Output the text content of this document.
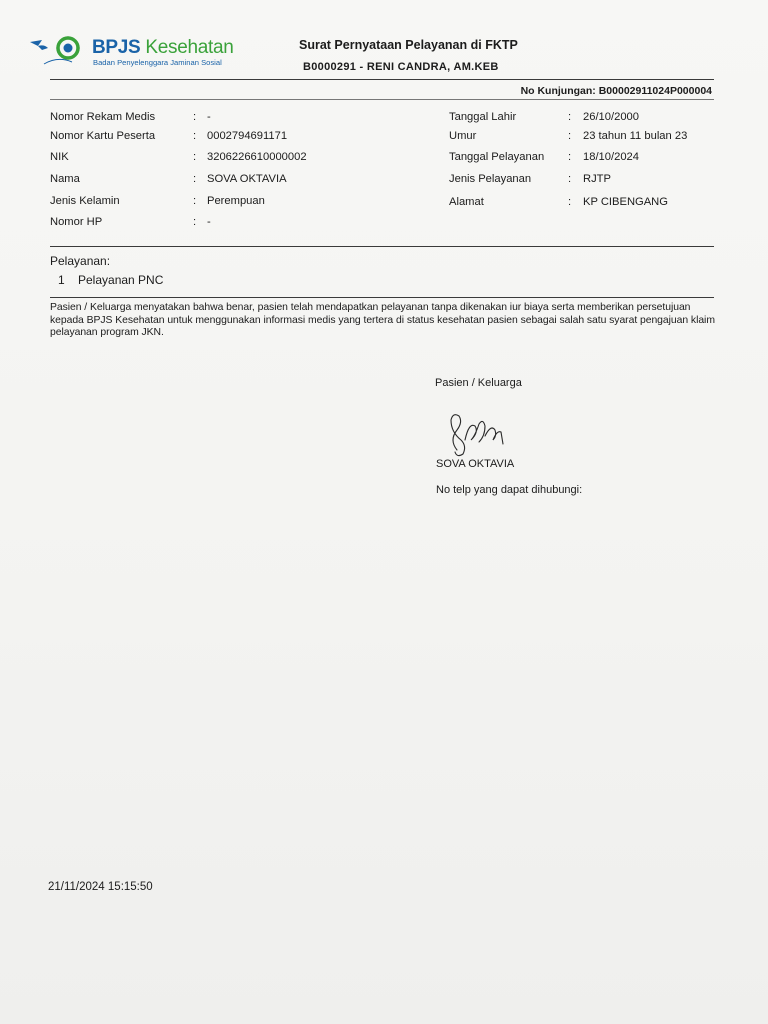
BPJS Kesehatan
Badan Penyelenggara Jaminan Sosial
Surat Pernyataan Pelayanan di FKTP
B0000291 - RENI CANDRA, AM.KEB
No Kunjungan: B00002911024P000004
Nomor Rekam Medis	: -
Nomor Kartu Peserta	: 0002794691171
NIK	: 3206226610000002
Nama	: SOVA OKTAVIA
Jenis Kelamin	: Perempuan
Nomor HP	: -
Tanggal Lahir	: 26/10/2000
Umur	: 23 tahun 11 bulan 23
Tanggal Pelayanan : 18/10/2024
Jenis Pelayanan	: RJTP
Alamat	: KP CIBENGANG
Pelayanan:
1 Pelayanan PNC
Pasien / Keluarga menyatakan bahwa benar, pasien telah mendapatkan pelayanan tanpa dikenakan iur biaya serta memberikan persetujuan kepada BPJS Kesehatan untuk menggunakan informasi medis yang tertera di status kesehatan pasien sebagai salah satu syarat pengajuan klaim pelayanan program JKN.
Pasien / Keluarga
SOVA OKTAVIA
No telp yang dapat dihubungi:
21/11/2024 15:15:50
